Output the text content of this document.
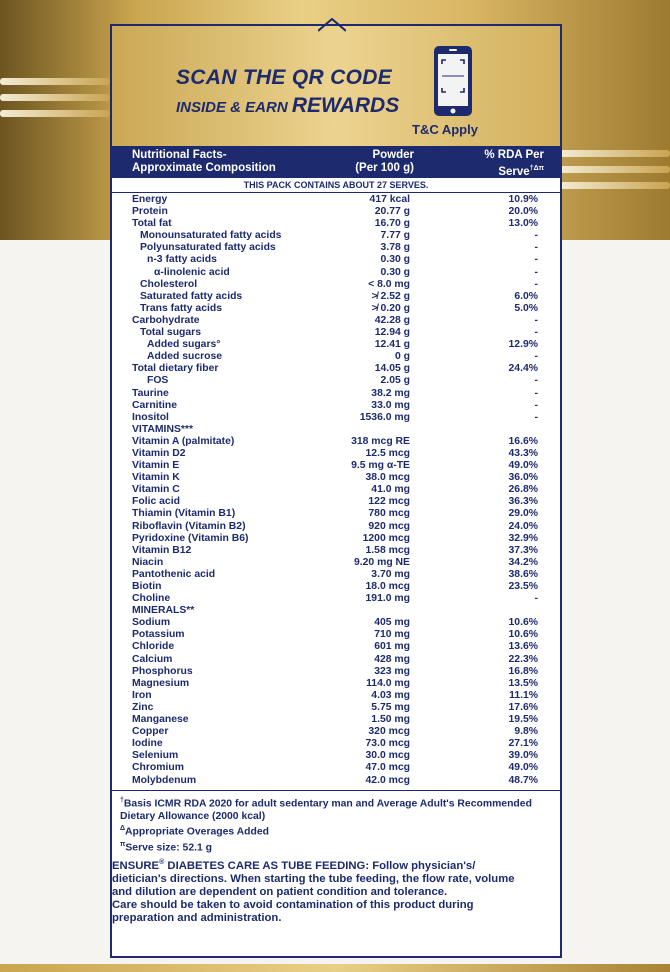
SCAN THE QR CODE
INSIDE & EARN REWARDS
T&C Apply
Nutritional Facts-
Approximate Composition
Powder
(Per 100 g)
% RDA Per
Serve$^{\dagger\Delta\pi}$
THIS PACK CONTAINS ABOUT 27 SERVES.
Energy	417 kcal	10.9%
Protein	20.77 g	20.0%
Total fat	16.70 g	13.0%
Monounsaturated fatty acids	7.77 g	-
Polyunsaturated fatty acids	3.78 g	-
n-3 fatty acids	0.30 g	-
α-linolenic acid	0.30 g	-
Cholesterol	< 8.0 mg	-
Saturated fatty acids	≯ 2.52 g	6.0%
Trans fatty acids	≯ 0.20 g	5.0%
Carbohydrate	42.28 g	-
Total sugars	12.94 g	-
Added sugars°	12.41 g	12.9%
Added sucrose	0 g	-
Total dietary fiber	14.05 g	24.4%
FOS	2.05 g	-
Taurine	38.2 mg	-
Carnitine	33.0 mg	-
Inositol	1536.0 mg	-
VITAMINS***
Vitamin A (palmitate)	318 mcg RE	16.6%
Vitamin D2	12.5 mcg	43.3%
Vitamin E	9.5 mg α-TE	49.0%
Vitamin K	38.0 mcg	36.0%
Vitamin C	41.0 mg	26.8%
Folic acid	122 mcg	36.3%
Thiamin (Vitamin B1)	780 mcg	29.0%
Riboflavin (Vitamin B2)	920 mcg	24.0%
Pyridoxine (Vitamin B6)	1200 mcg	32.9%
Vitamin B12	1.58 mcg	37.3%
Niacin	9.20 mg NE	34.2%
Pantothenic acid	3.70 mg	38.6%
Biotin	18.0 mcg	23.5%
Choline	191.0 mg	-
MINERALS**
Sodium	405 mg	10.6%
Potassium	710 mg	10.6%
Chloride	601 mg	13.6%
Calcium	428 mg	22.3%
Phosphorus	323 mg	16.8%
Magnesium	114.0 mg	13.5%
Iron	4.03 mg	11.1%
Zinc	5.75 mg	17.6%
Manganese	1.50 mg	19.5%
Copper	320 mcg	9.8%
Iodine	73.0 mcg	27.1%
Selenium	30.0 mcg	39.0%
Chromium	47.0 mcg	49.0%
Molybdenum	42.0 mcg	48.7%
†Basis ICMR RDA 2020 for adult sedentary man and Average Adult's Recommended
Dietary Allowance (2000 kcal)
$^\Delta$Appropriate Overages Added
$^\pi$Serve size: 52.1 g
ENSURE® DIABETES CARE AS TUBE FEEDING: Follow physician's/
dietician's directions. When starting the tube feeding, the flow rate, volume
and dilution are dependent on patient condition and tolerance.
Care should be taken to avoid contamination of this product during
preparation and administration.
